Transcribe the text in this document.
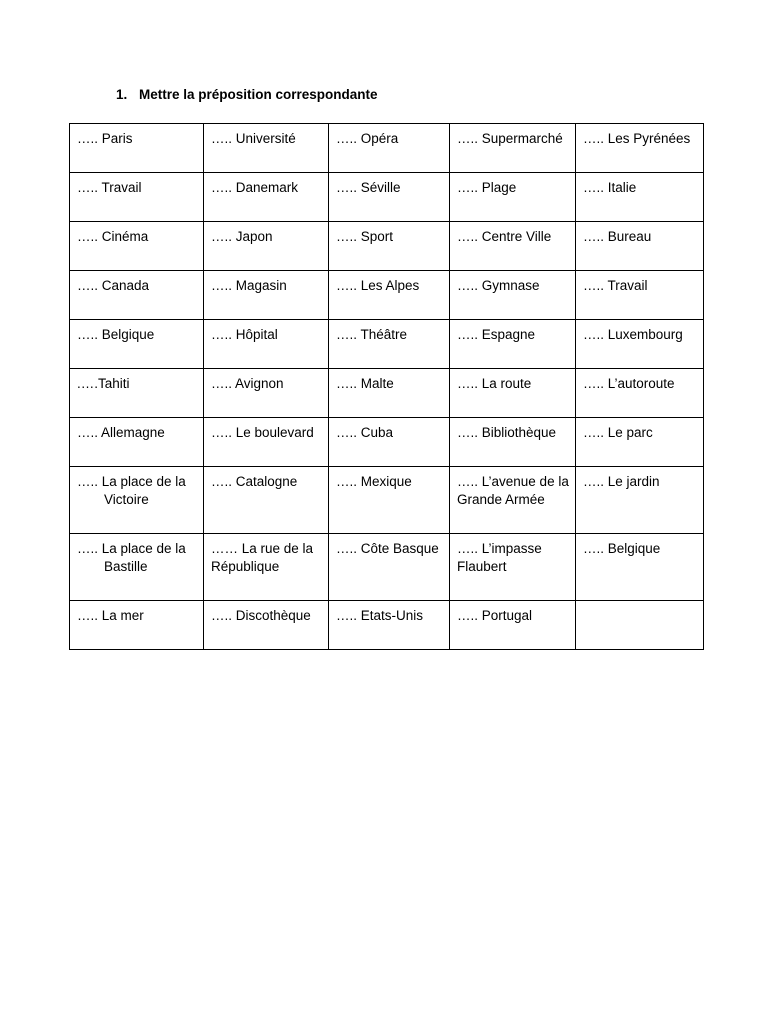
1. Mettre la préposition correspondante
….. Paris	….. Université	….. Opéra	….. Supermarché	….. Les Pyrénées

….. Travail	….. Danemark	….. Séville	….. Plage	….. Italie

….. Cinéma	….. Japon	….. Sport	….. Centre Ville	….. Bureau

….. Canada	….. Magasin	….. Les Alpes	….. Gymnase	….. Travail

….. Belgique	….. Hôpital	….. Théâtre	….. Espagne	….. Luxembourg

.….Tahiti	….. Avignon	….. Malte	….. La route	….. L’autoroute

….. Allemagne	….. Le boulevard	….. Cuba	….. Bibliothèque	….. Le parc

….. La place de la Victoire	….. Catalogne	….. Mexique	….. L’avenue de la Grande Armée	….. Le jardin

….. La place de la Bastille	…… La rue de la République	….. Côte Basque	….. L’impasse Flaubert	….. Belgique

….. La mer	….. Discothèque	….. Etats-Unis	….. Portugal	
